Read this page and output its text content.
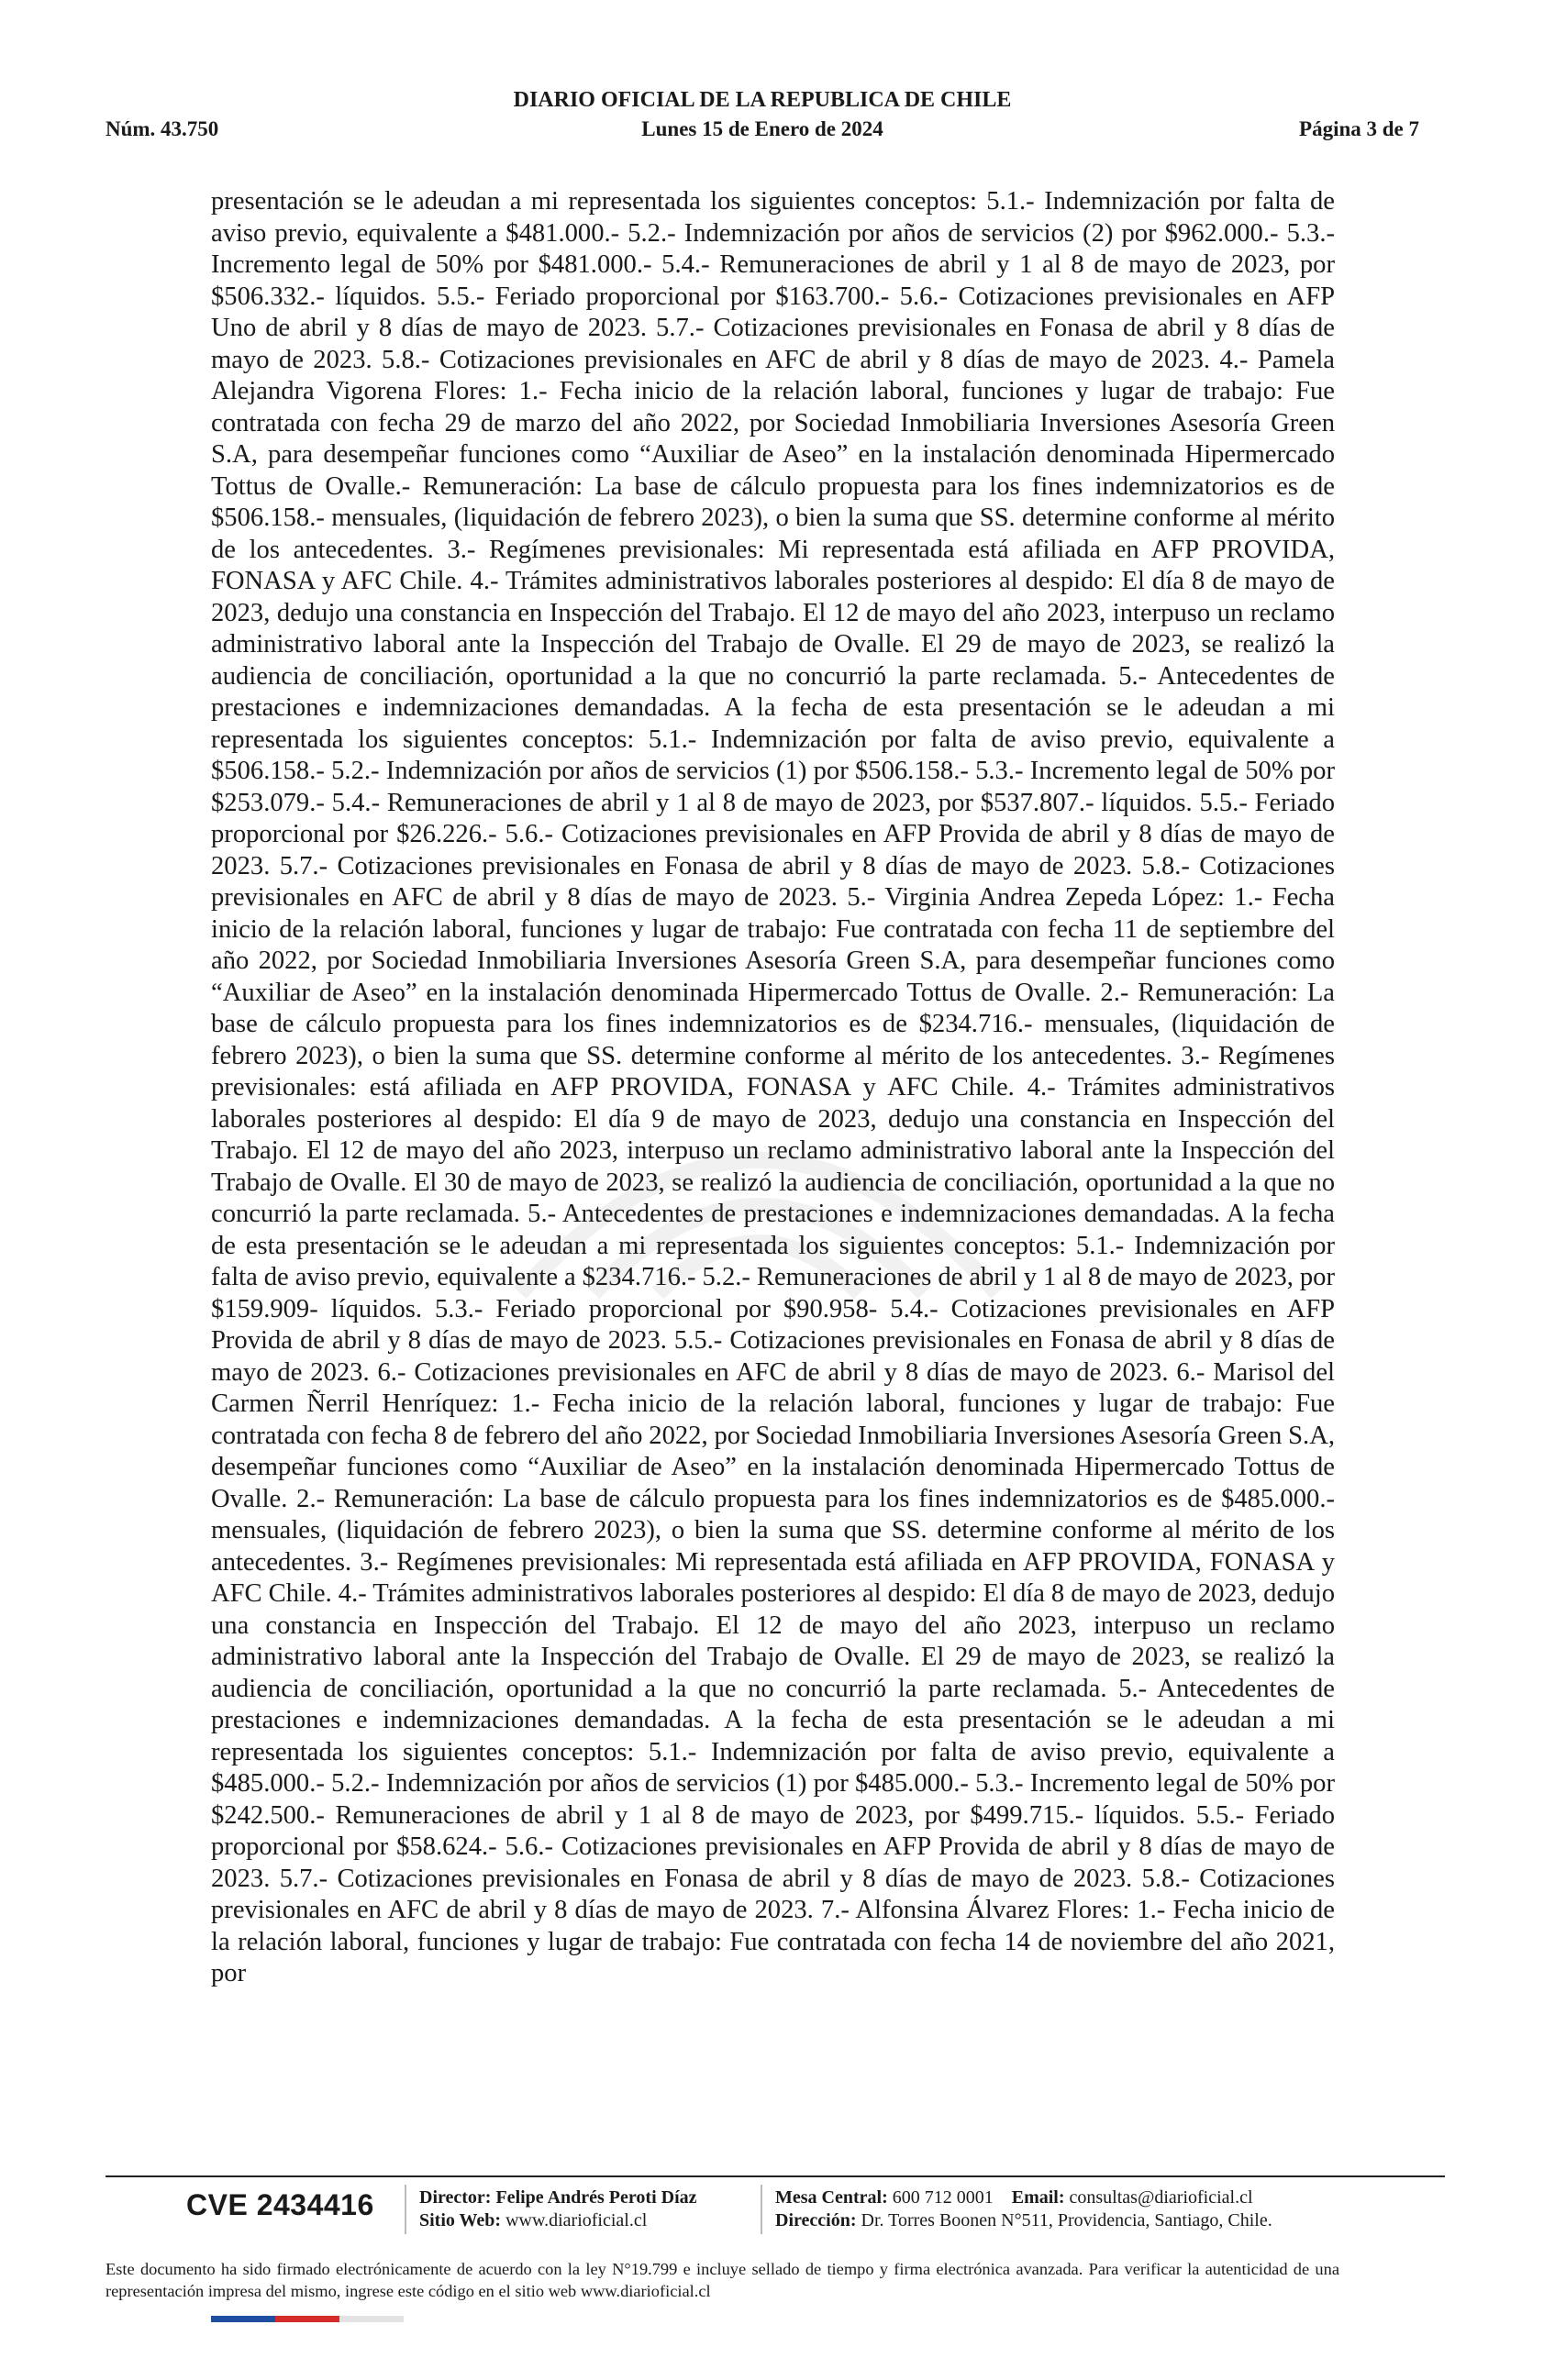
DIARIO OFICIAL DE LA REPUBLICA DE CHILE
Núm. 43.750	Lunes 15 de Enero de 2024	Página 3 de 7

presentación se le adeudan a mi representada los siguientes conceptos: 5.1.- Indemnización por falta de aviso previo, equivalente a $481.000.- 5.2.- Indemnización por años de servicios (2) por $962.000.- 5.3.- Incremento legal de 50% por $481.000.- 5.4.- Remuneraciones de abril y 1 al 8 de mayo de 2023, por $506.332.- líquidos. 5.5.- Feriado proporcional por $163.700.- 5.6.- Cotizaciones previsionales en AFP Uno de abril y 8 días de mayo de 2023. 5.7.- Cotizaciones previsionales en Fonasa de abril y 8 días de mayo de 2023. 5.8.- Cotizaciones previsionales en AFC de abril y 8 días de mayo de 2023. 4.- Pamela Alejandra Vigorena Flores: 1.- Fecha inicio de la relación laboral, funciones y lugar de trabajo: Fue contratada con fecha 29 de marzo del año 2022, por Sociedad Inmobiliaria Inversiones Asesoría Green S.A, para desempeñar funciones como “Auxiliar de Aseo” en la instalación denominada Hipermercado Tottus de Ovalle.- Remuneración: La base de cálculo propuesta para los fines indemnizatorios es de $506.158.- mensuales, (liquidación de febrero 2023), o bien la suma que SS. determine conforme al mérito de los antecedentes. 3.- Regímenes previsionales: Mi representada está afiliada en AFP PROVIDA, FONASA y AFC Chile. 4.- Trámites administrativos laborales posteriores al despido: El día 8 de mayo de 2023, dedujo una constancia en Inspección del Trabajo. El 12 de mayo del año 2023, interpuso un reclamo administrativo laboral ante la Inspección del Trabajo de Ovalle. El 29 de mayo de 2023, se realizó la audiencia de conciliación, oportunidad a la que no concurrió la parte reclamada. 5.- Antecedentes de prestaciones e indemnizaciones demandadas. A la fecha de esta presentación se le adeudan a mi representada los siguientes conceptos: 5.1.- Indemnización por falta de aviso previo, equivalente a $506.158.- 5.2.- Indemnización por años de servicios (1) por $506.158.- 5.3.- Incremento legal de 50% por $253.079.- 5.4.- Remuneraciones de abril y 1 al 8 de mayo de 2023, por $537.807.- líquidos. 5.5.- Feriado proporcional por $26.226.- 5.6.- Cotizaciones previsionales en AFP Provida de abril y 8 días de mayo de 2023. 5.7.- Cotizaciones previsionales en Fonasa de abril y 8 días de mayo de 2023. 5.8.- Cotizaciones previsionales en AFC de abril y 8 días de mayo de 2023. 5.- Virginia Andrea Zepeda López: 1.- Fecha inicio de la relación laboral, funciones y lugar de trabajo: Fue contratada con fecha 11 de septiembre del año 2022, por Sociedad Inmobiliaria Inversiones Asesoría Green S.A, para desempeñar funciones como “Auxiliar de Aseo” en la instalación denominada Hipermercado Tottus de Ovalle. 2.- Remuneración: La base de cálculo propuesta para los fines indemnizatorios es de $234.716.- mensuales, (liquidación de febrero 2023), o bien la suma que SS. determine conforme al mérito de los antecedentes. 3.- Regímenes previsionales: está afiliada en AFP PROVIDA, FONASA y AFC Chile. 4.- Trámites administrativos laborales posteriores al despido: El día 9 de mayo de 2023, dedujo una constancia en Inspección del Trabajo. El 12 de mayo del año 2023, interpuso un reclamo administrativo laboral ante la Inspección del Trabajo de Ovalle. El 30 de mayo de 2023, se realizó la audiencia de conciliación, oportunidad a la que no concurrió la parte reclamada. 5.- Antecedentes de prestaciones e indemnizaciones demandadas. A la fecha de esta presentación se le adeudan a mi representada los siguientes conceptos: 5.1.- Indemnización por falta de aviso previo, equivalente a $234.716.- 5.2.- Remuneraciones de abril y 1 al 8 de mayo de 2023, por $159.909- líquidos. 5.3.- Feriado proporcional por $90.958- 5.4.- Cotizaciones previsionales en AFP Provida de abril y 8 días de mayo de 2023. 5.5.- Cotizaciones previsionales en Fonasa de abril y 8 días de mayo de 2023. 6.- Cotizaciones previsionales en AFC de abril y 8 días de mayo de 2023. 6.- Marisol del Carmen Ñerril Henríquez: 1.- Fecha inicio de la relación laboral, funciones y lugar de trabajo: Fue contratada con fecha 8 de febrero del año 2022, por Sociedad Inmobiliaria Inversiones Asesoría Green S.A, desempeñar funciones como “Auxiliar de Aseo” en la instalación denominada Hipermercado Tottus de Ovalle. 2.- Remuneración: La base de cálculo propuesta para los fines indemnizatorios es de $485.000.- mensuales, (liquidación de febrero 2023), o bien la suma que SS. determine conforme al mérito de los antecedentes. 3.- Regímenes previsionales: Mi representada está afiliada en AFP PROVIDA, FONASA y AFC Chile. 4.- Trámites administrativos laborales posteriores al despido: El día 8 de mayo de 2023, dedujo una constancia en Inspección del Trabajo. El 12 de mayo del año 2023, interpuso un reclamo administrativo laboral ante la Inspección del Trabajo de Ovalle. El 29 de mayo de 2023, se realizó la audiencia de conciliación, oportunidad a la que no concurrió la parte reclamada. 5.- Antecedentes de prestaciones e indemnizaciones demandadas. A la fecha de esta presentación se le adeudan a mi representada los siguientes conceptos: 5.1.- Indemnización por falta de aviso previo, equivalente a $485.000.- 5.2.- Indemnización por años de servicios (1) por $485.000.- 5.3.- Incremento legal de 50% por $242.500.- Remuneraciones de abril y 1 al 8 de mayo de 2023, por $499.715.- líquidos. 5.5.- Feriado proporcional por $58.624.- 5.6.- Cotizaciones previsionales en AFP Provida de abril y 8 días de mayo de 2023. 5.7.- Cotizaciones previsionales en Fonasa de abril y 8 días de mayo de 2023. 5.8.- Cotizaciones previsionales en AFC de abril y 8 días de mayo de 2023. 7.- Alfonsina Álvarez Flores: 1.- Fecha inicio de la relación laboral, funciones y lugar de trabajo: Fue contratada con fecha 14 de noviembre del año 2021, por

CVE 2434416 Director: Felipe Andrés Peroti Díaz
Sitio Web: www.diarioficial.cl
Mesa Central: 600 712 0001 Email: consultas@diarioficial.cl
Dirección: Dr. Torres Boonen N°511, Providencia, Santiago, Chile.
Este documento ha sido firmado electrónicamente de acuerdo con la ley N°19.799 e incluye sellado de tiempo y firma electrónica avanzada. Para verificar la autenticidad de una representación impresa del mismo, ingrese este código en el sitio web www.diarioficial.cl
